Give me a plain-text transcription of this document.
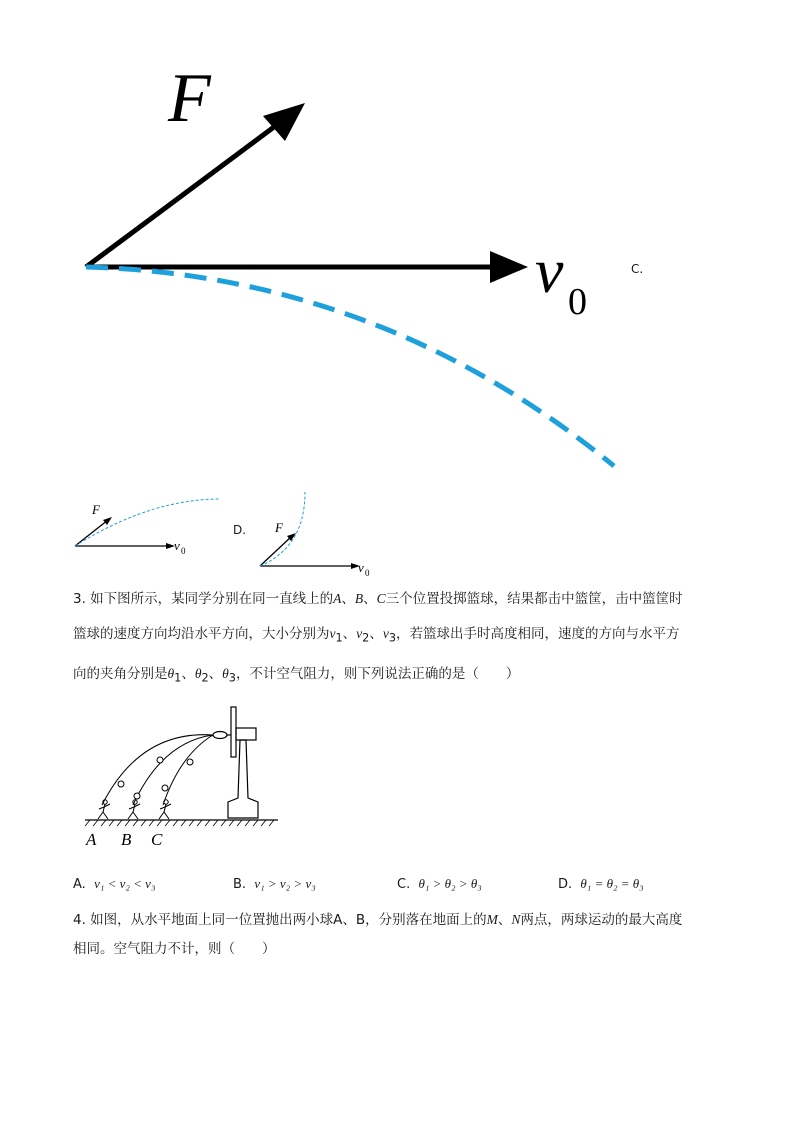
F
v 0
C.
F
v 0
F
v 0
D.
3. 如下图所示，某同学分别在同一直线上的A、B、C三个位置投掷篮球，结果都击中篮筐，击中篮筐时
篮球的速度方向均沿水平方向，大小分别为$v_1$、$v_2$、$v_3$，若篮球出手时高度相同，速度的方向与水平方
向的夹角分别是$\theta_1$、$\theta_2$、$\theta_3$，不计空气阻力，则下列说法正确的是（　　）
A B C
A. v₁ < v₂ < v₃	B. v₁ > v₂ > v₃	C. θ₁ > θ₂ > θ₃	D. θ₁ = θ₂ = θ₃
4. 如图，从水平地面上同一位置抛出两小球A、B，分别落在地面上的M、N两点，两球运动的最大高度
相同。空气阻力不计，则（　　）
